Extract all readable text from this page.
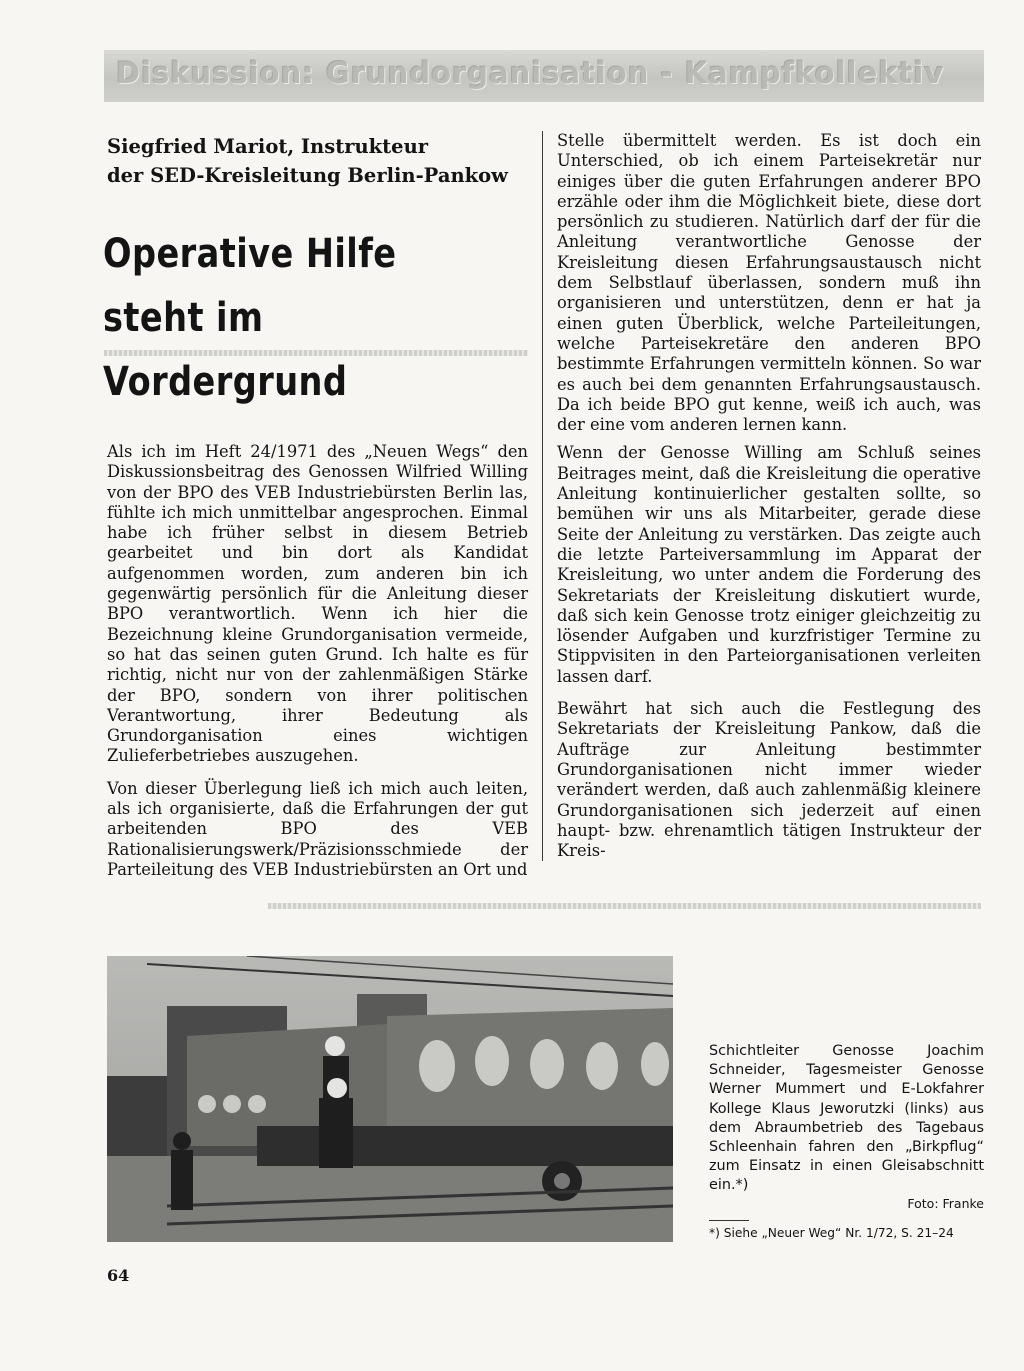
Diskussion: Grundorganisation - Kampfkollektiv
Siegfried Mariot, Instrukteur
der SED-Kreisleitung Berlin-Pankow
Operative Hilfe
steht im Vordergrund

Als ich im Heft 24/1971 des „Neuen Wegs“ den Diskussionsbeitrag des Genossen Wilfried Willing von der BPO des VEB Industriebürsten Berlin las, fühlte ich mich unmittelbar angesprochen. Einmal habe ich früher selbst in diesem Betrieb gearbeitet und bin dort als Kandidat aufgenommen worden, zum anderen bin ich gegenwärtig persönlich für die Anleitung dieser BPO verantwortlich. Wenn ich hier die Bezeichnung kleine Grundorganisation vermeide, so hat das seinen guten Grund. Ich halte es für richtig, nicht nur von der zahlenmäßigen Stärke der BPO, sondern von ihrer politischen Verantwortung, ihrer Bedeutung als Grundorganisation eines wichtigen Zulieferbetriebes auszugehen.

Von dieser Überlegung ließ ich mich auch leiten, als ich organisierte, daß die Erfahrungen der gut arbeitenden BPO des VEB Rationalisierungswerk/Präzisionsschmiede der Parteileitung des VEB Industriebürsten an Ort und

Stelle übermittelt werden. Es ist doch ein Unterschied, ob ich einem Parteisekretär nur einiges über die guten Erfahrungen anderer BPO erzähle oder ihm die Möglichkeit biete, diese dort persönlich zu studieren. Natürlich darf der für die Anleitung verantwortliche Genosse der Kreisleitung diesen Erfahrungsaustausch nicht dem Selbstlauf überlassen, sondern muß ihn organisieren und unterstützen, denn er hat ja einen guten Überblick, welche Parteileitungen, welche Parteisekretäre den anderen BPO bestimmte Erfahrungen vermitteln können. So war es auch bei dem genannten Erfahrungsaustausch. Da ich beide BPO gut kenne, weiß ich auch, was der eine vom anderen lernen kann.

Wenn der Genosse Willing am Schluß seines Beitrages meint, daß die Kreisleitung die operative Anleitung kontinuierlicher gestalten sollte, so bemühen wir uns als Mitarbeiter, gerade diese Seite der Anleitung zu verstärken. Das zeigte auch die letzte Parteiversammlung im Apparat der Kreisleitung, wo unter andem die Forderung des Sekretariats der Kreisleitung diskutiert wurde, daß sich kein Genosse trotz einiger gleichzeitig zu lösender Aufgaben und kurzfristiger Termine zu Stippvisiten in den Parteiorganisationen verleiten lassen darf.

Bewährt hat sich auch die Festlegung des Sekretariats der Kreisleitung Pankow, daß die Aufträge zur Anleitung bestimmter Grundorganisationen nicht immer wieder verändert werden, daß auch zahlenmäßig kleinere Grundorganisationen sich jederzeit auf einen haupt- bzw. ehrenamtlich tätigen Instrukteur der Kreis-

Schichtleiter Genosse Joachim Schneider, Tagesmeister Genosse Werner Mummert und E-Lokfahrer Kollege Klaus Jeworutzki (links) aus dem Abraumbetrieb des Tagebaus Schleenhain fahren den „Birkpflug“ zum Einsatz in einen Gleisabschnitt ein.*)
Foto: Franke
*) Siehe „Neuer Weg“ Nr. 1/72, S. 21–24
64
